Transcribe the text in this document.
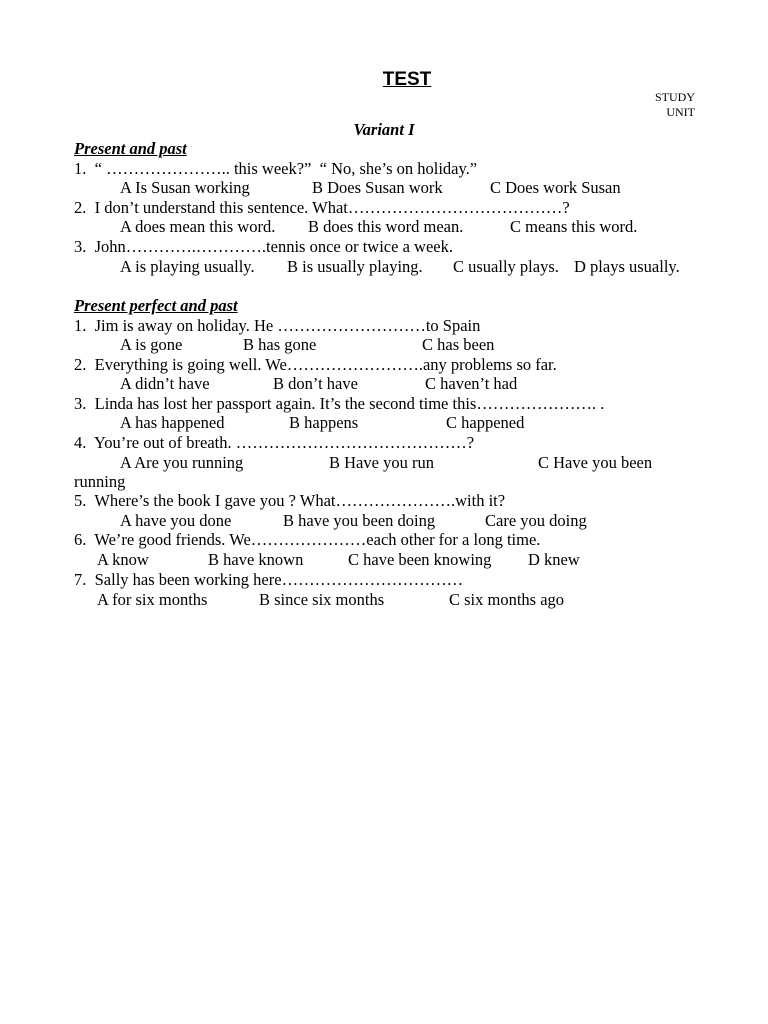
TEST
STUDY
UNIT
Variant I
Present and past
1.  “ ………………….. this week?”  “ No, she’s on holiday.”
A Is Susan working	B Does Susan work	C Does work Susan
2.  I don’t understand this sentence. What…………………………………?
A does mean this word. B does this word mean.	C means this word.
3.  John………….………….tennis once or twice a week.
A is playing usually. B is usually playing. C usually plays. D plays usually.
Present perfect and past
1.  Jim is away on holiday. He ………………………to Spain
A is gone	B has gone	C has been
2.  Everything is going well. We…………………….any problems so far.
A didn’t have	B don’t have	C haven’t had
3.  Linda has lost her passport again. It’s the second time this…………………. .
A has happened	B happens	C happened
4.  You’re out of breath. ……………………………………?
A Are you running	B Have you run	C Have you been
running
5.  Where’s the book I gave you ? What………………….with it?
A have you done	B have you been doing	Care you doing
6.  We’re good friends. We…………………each other for a long time.
A know	B have known	C have been knowing D knew
7.  Sally has been working here……………………………
A for six months	B since six months	C six months ago
